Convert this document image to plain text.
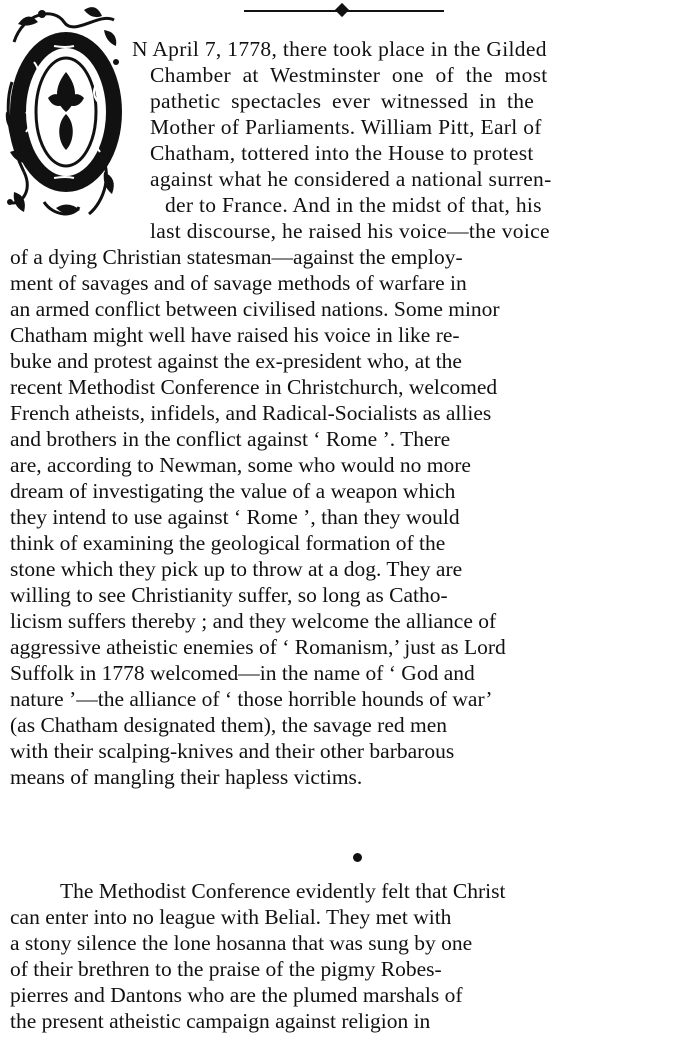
N April 7, 1778, there took place in the Gilded
Chamber at Westminster one of the most
pathetic spectacles ever witnessed in the
Mother of Parliaments. William Pitt, Earl of
Chatham, tottered into the House to protest
against what he considered a national surren-
der to France. And in the midst of that, his
last discourse, he raised his voice—the voice
of a dying Christian statesman—against the employ-
ment of savages and of savage methods of warfare in
an armed conflict between civilised nations. Some minor
Chatham might well have raised his voice in like re-
buke and protest against the ex-president who, at the
recent Methodist Conference in Christchurch, welcomed
French atheists, infidels, and Radical-Socialists as allies
and brothers in the conflict against ‘ Rome ’. There
are, according to Newman, some who would no more
dream of investigating the value of a weapon which
they intend to use against ‘ Rome ’, than they would
think of examining the geological formation of the
stone which they pick up to throw at a dog. They are
willing to see Christianity suffer, so long as Catho-
licism suffers thereby ; and they welcome the alliance of
aggressive atheistic enemies of ‘ Romanism,’ just as Lord
Suffolk in 1778 welcomed—in the name of ‘ God and
nature ’—the alliance of ‘ those horrible hounds of war’
(as Chatham designated them), the savage red men
with their scalping-knives and their other barbarous
means of mangling their hapless victims.
The Methodist Conference evidently felt that Christ
can enter into no league with Belial. They met with
a stony silence the lone hosanna that was sung by one
of their brethren to the praise of the pigmy Robes-
pierres and Dantons who are the plumed marshals of
the present atheistic campaign against religion in
